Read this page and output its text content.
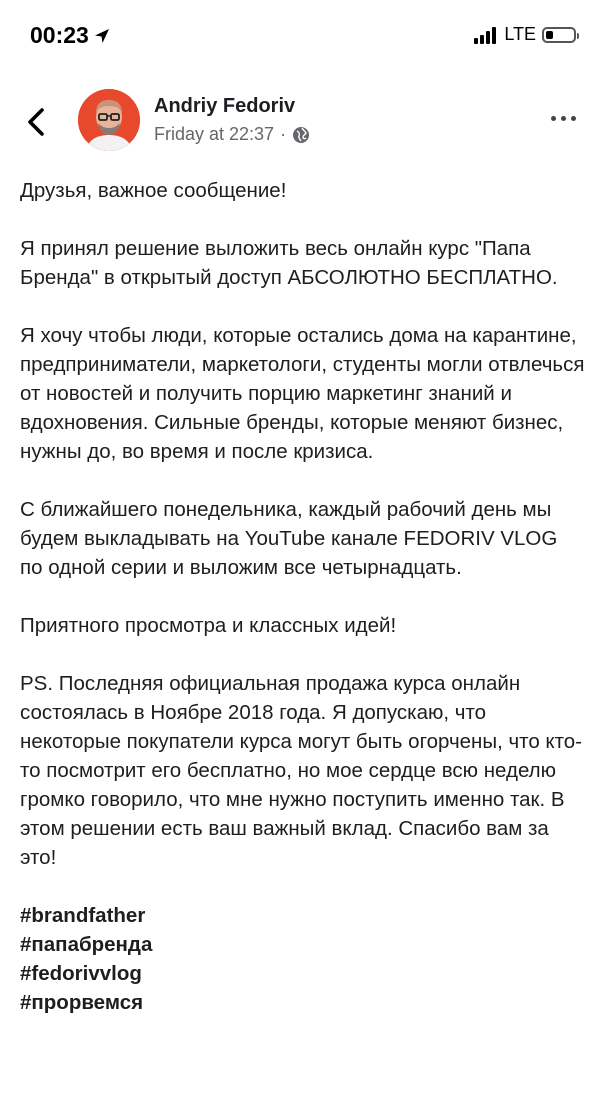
00:23	LTE
Andriy Fedoriv
Friday at 22:37 ·

Друзья, важное сообщение!

Я принял решение выложить весь онлайн курс "Папа Бренда" в открытый доступ АБСОЛЮТНО БЕСПЛАТНО.

Я хочу чтобы люди, которые остались дома на карантине, предприниматели, маркетологи, студенты могли отвлечься от новостей и получить порцию маркетинг знаний и вдохновения. Сильные бренды, которые меняют бизнес, нужны до, во время и после кризиса.

С ближайшего понедельника, каждый рабочий день мы будем выкладывать на YouTube канале FEDORIV VLOG по одной серии и выложим все четырнадцать.

Приятного просмотра и классных идей!

PS. Последняя официальная продажа курса онлайн состоялась в Ноябре 2018 года. Я допускаю, что некоторые покупатели курса могут быть огорчены, что кто-то посмотрит его бесплатно, но мое сердце всю неделю громко говорило, что мне нужно поступить именно так. В этом решении есть ваш важный вклад. Спасибо вам за это!

#brandfather
#папабренда
#fedorivvlog
#прорвемся
